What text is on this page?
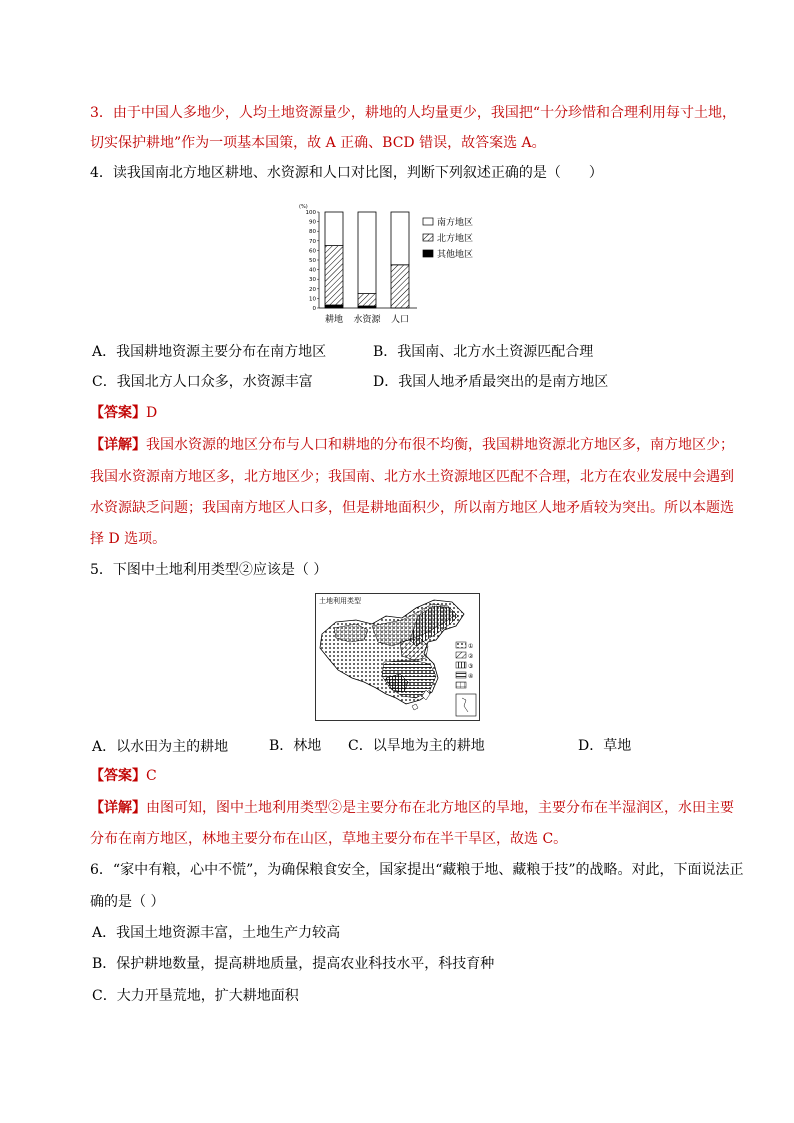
3．由于中国人多地少，人均土地资源量少，耕地的人均量更少，我国把“十分珍惜和合理利用每寸土地，
切实保护耕地”作为一项基本国策，故 A 正确、BCD 错误，故答案选 A。
4．读我国南北方地区耕地、水资源和人口对比图，判断下列叙述正确的是（　　）
(%)
0
10
20
30
40
50
60
70
80
90
100
耕地 水资源 人口
南方地区
北方地区
其他地区
A．我国耕地资源主要分布在南方地区	B．我国南、北方水土资源匹配合理
C．我国北方人口众多，水资源丰富	D．我国人地矛盾最突出的是南方地区
【答案】D
【详解】我国水资源的地区分布与人口和耕地的分布很不均衡，我国耕地资源北方地区多，南方地区少；
我国水资源南方地区多，北方地区少；我国南、北方水土资源地区匹配不合理，北方在农业发展中会遇到
水资源缺乏问题；我国南方地区人口多，但是耕地面积少，所以南方地区人地矛盾较为突出。所以本题选
择 D 选项。
5．下图中土地利用类型②应该是（ ）
土地利用类型
①
②
③
④
A．以水田为主的耕地	B．林地 C．以旱地为主的耕地	D．草地
【答案】C
【详解】由图可知，图中土地利用类型②是主要分布在北方地区的旱地，主要分布在半湿润区，水田主要
分布在南方地区，林地主要分布在山区，草地主要分布在半干旱区，故选 C。
6．“家中有粮，心中不慌”，为确保粮食安全，国家提出“藏粮于地、藏粮于技”的战略。对此，下面说法正
确的是（ ）
A．我国土地资源丰富，土地生产力较高
B．保护耕地数量，提高耕地质量，提高农业科技水平，科技育种
C．大力开垦荒地，扩大耕地面积
